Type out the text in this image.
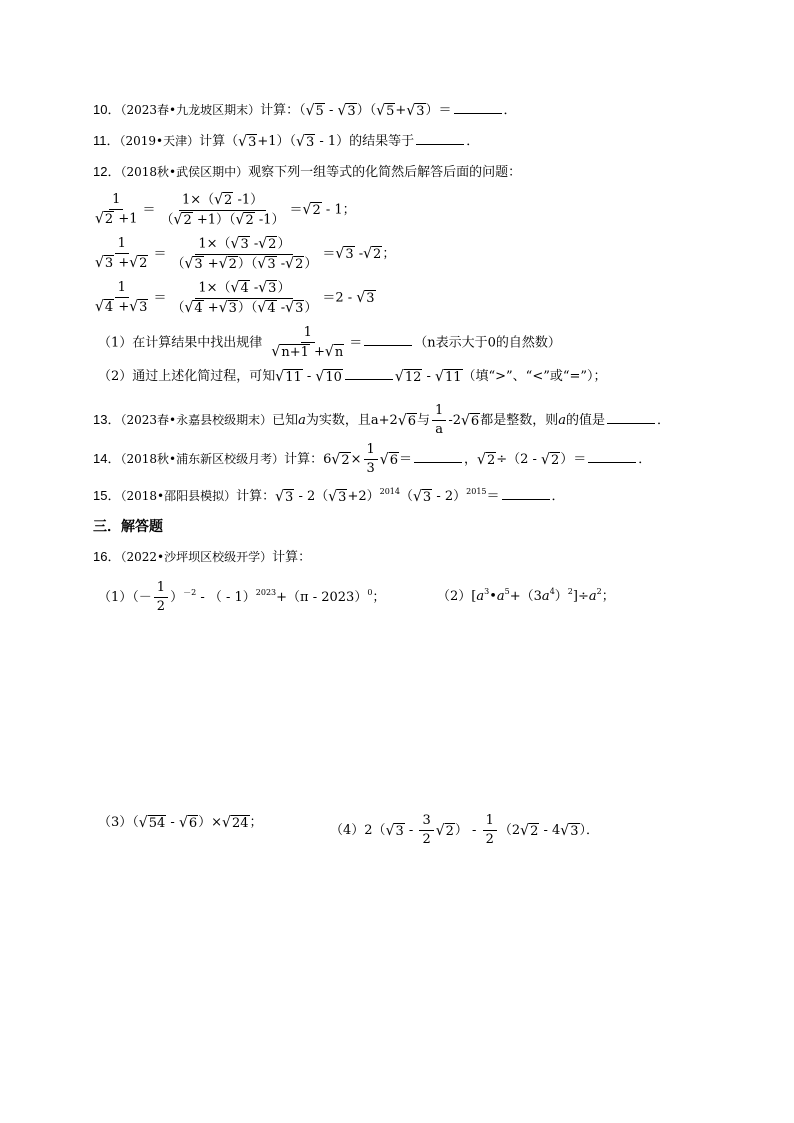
10．（2023春•九龙坡区期末）计算：（ √ 5 - √ 3 ）（ √ 5 + √ 3 ）＝	．
11．（2019•天津）计算（ √ 3 +1）（ √ 3 - 1）的结果等于	．
12．（2018秋•武侯区期中）观察下列一组等式的化简然后解答后面的问题：
$\frac{1}{√ 2 +1} = \frac{1\times( √ 2 -1)}{( √ 2 +1)( √ 2 -1)}$ ＝ √ 2 - 1；
$\frac{1}{√ 3 + √ 2} = \frac{1\times( √ 3 - √ 2 )}{( √ 3 + √ 2 )( √ 3 - √ 2 )}$ ＝ √ 3 - √ 2 ；
$\frac{1}{√ 4 + √ 3} = \frac{1\times( √ 4 - √ 3 )}{( √ 4 + √ 3 )( √ 4 - √ 3 )} =2$ - √ 3
（1）在计算结果中找出规律 $\frac{1}{√ n+1 + √ n}$ ＝	（n表示大于0的自然数）
（2）通过上述化简过程，可知 √ 11 - √ 10	√ 12 - √ 11 （填“>”、“<”或“=”）；
13．（2023春•永嘉县校级期末）已知a为实数，且a+2 √ 6 与 $\frac{1}{a} -2$ √ 6 都是整数，则a的值是	．
14．（2018秋•浦东新区校级月考）计算：6 √ $2 \times \frac{1}{3}$ √ 6 ＝	， √ 2 ÷（2 - √ 2 ）＝	．
15．（2018•邵阳县模拟）计算： √ 3 - 2（ √ 3 +2）$^{2014}$（ √ 3 - 2）$^{2015}$＝	．
三．解答题
16．（2022•沙坪坝区校级开学）计算：
$(1)(- \frac{1}{2} )^{-2}$ - （ - 1）$^{2023}$+（π - 2023）$^0$；	$(2)[a^3•a^5+(3a^4)^2]\div a^2$；
（3）（ √ 54 - √ 6 ）× √ 24 ；
（4）2（ √ $3 - \frac{3}{2}$ √ 2 ） - $\frac{1}{2} (2$ √ 2 - 4 √ 3 ）．
